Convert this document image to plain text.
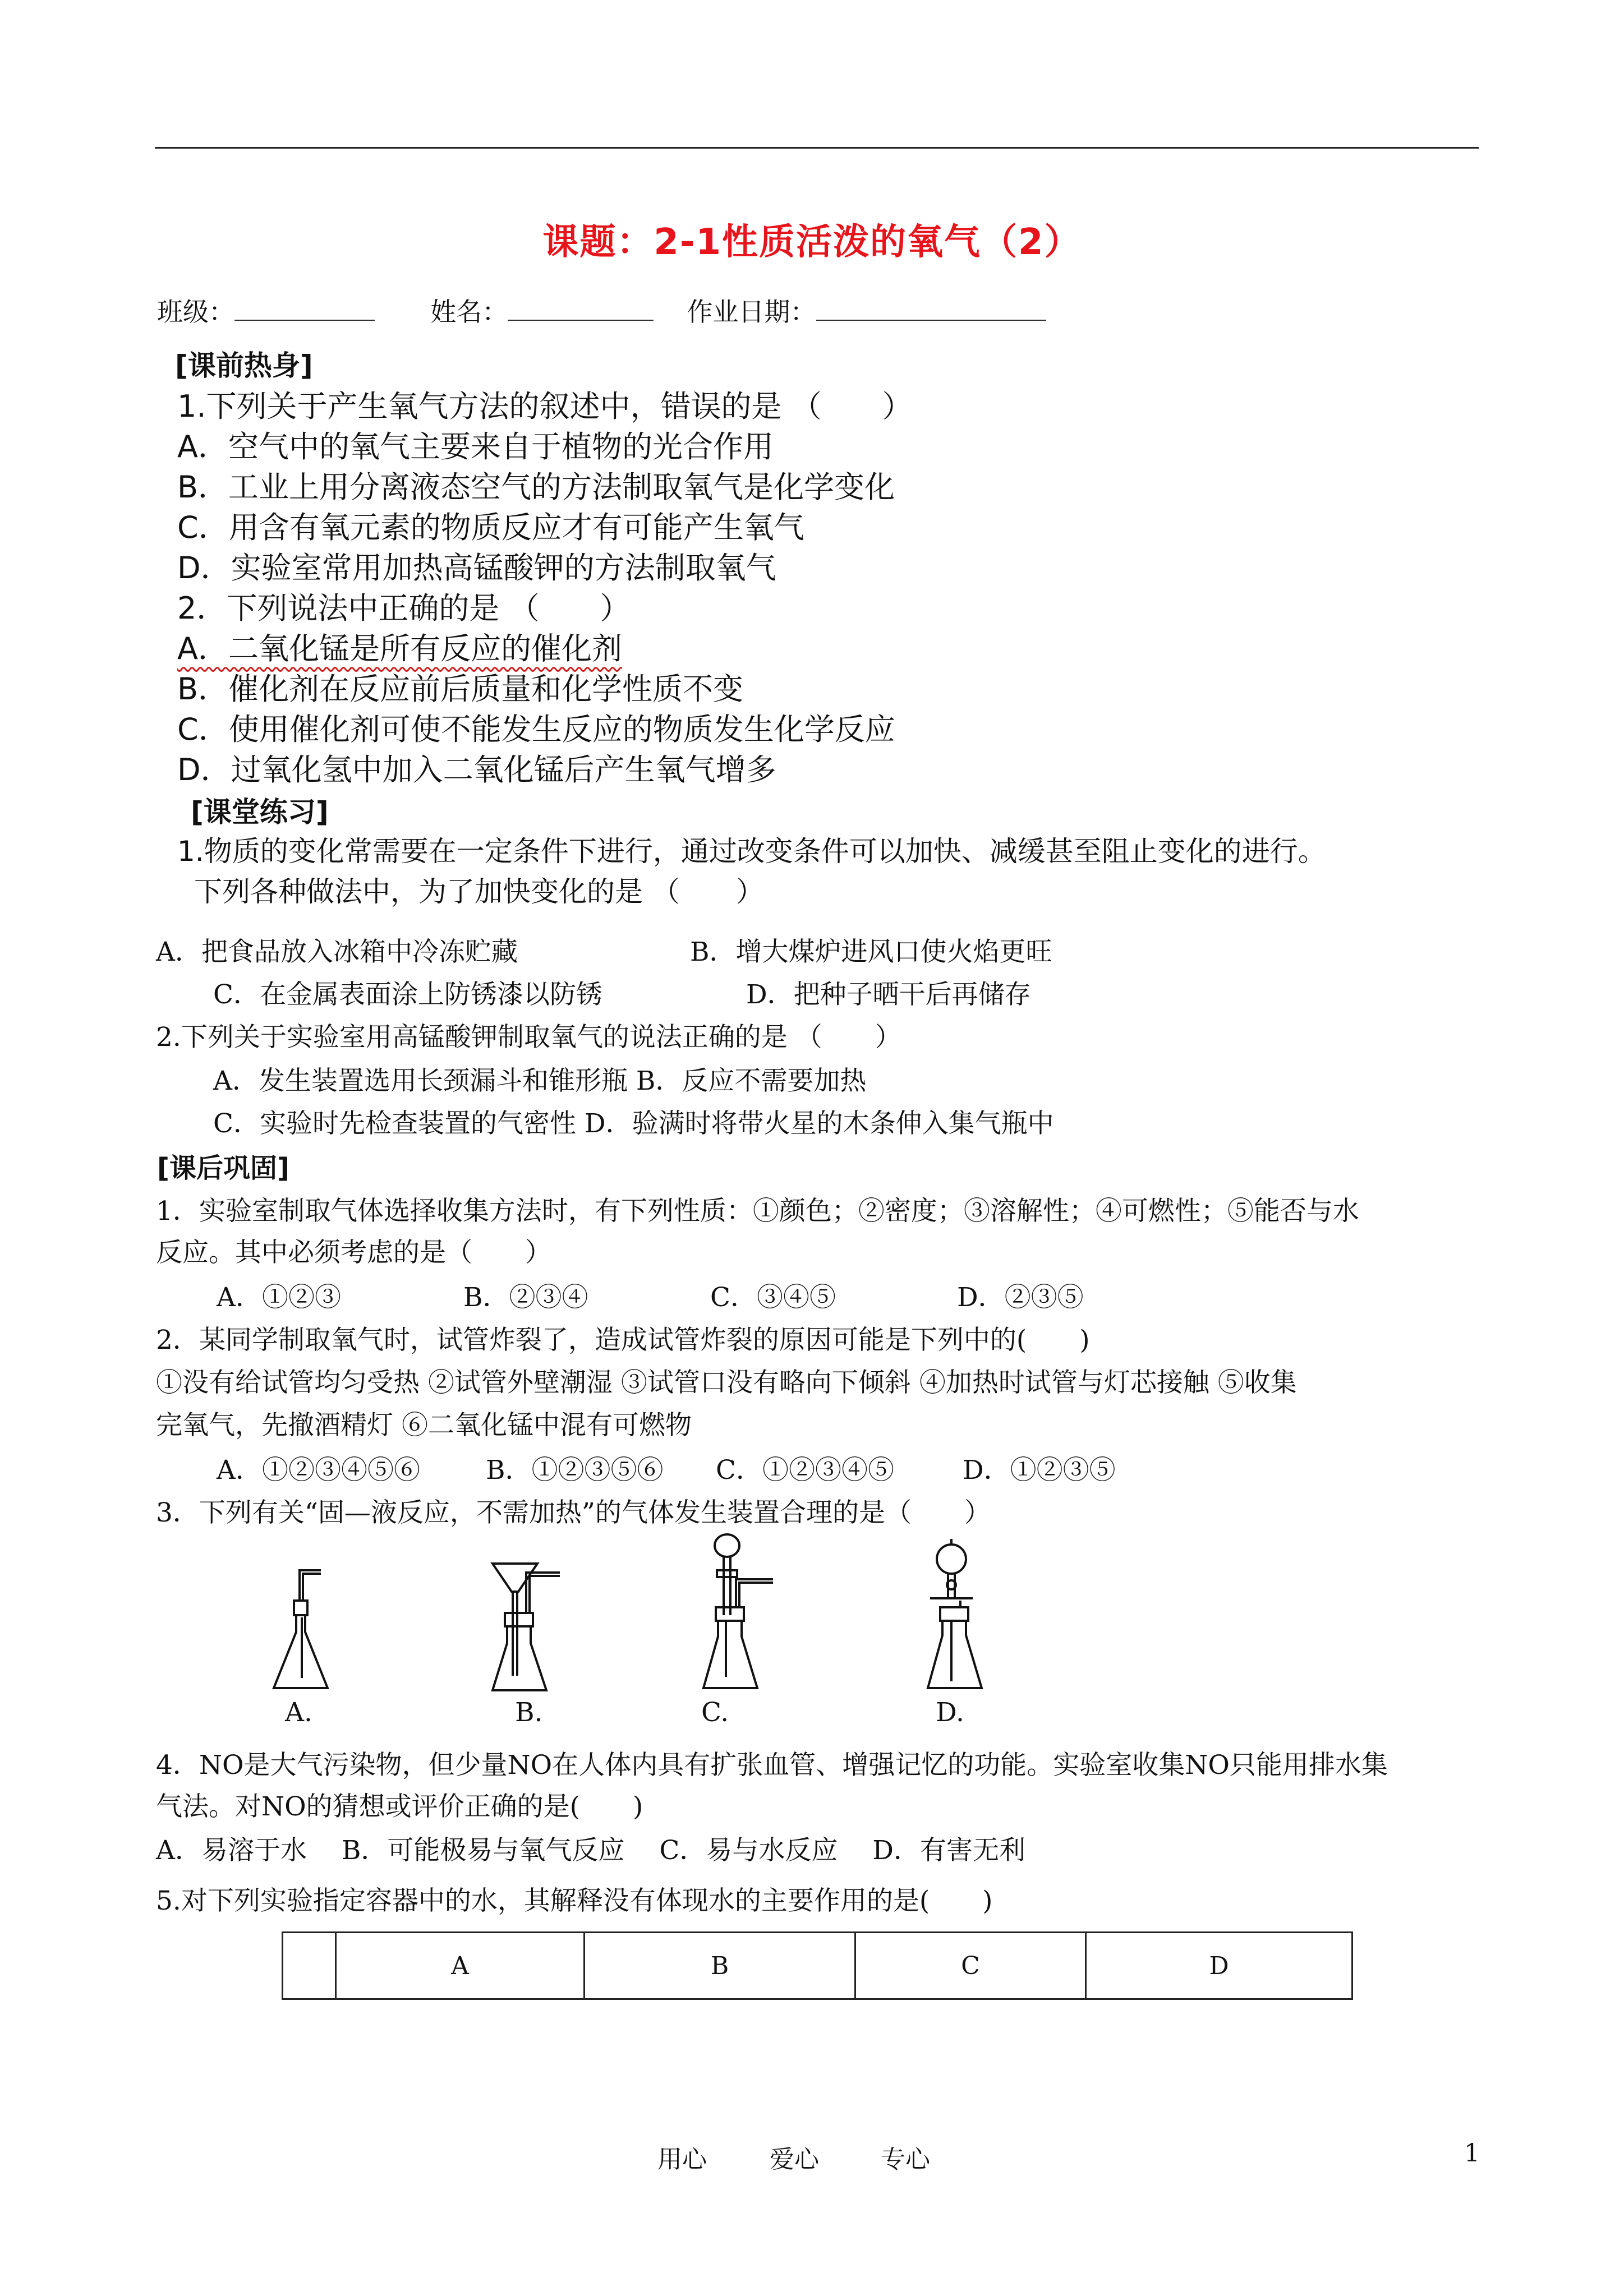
课题：2-1性质活泼的氧气（2）
班级：	姓名：	作业日期：
[课前热身]
1.下列关于产生氧气方法的叙述中，错误的是 （　　）
A．空气中的氧气主要来自于植物的光合作用
B．工业上用分离液态空气的方法制取氧气是化学变化
C．用含有氧元素的物质反应才有可能产生氧气
D．实验室常用加热高锰酸钾的方法制取氧气
2．下列说法中正确的是 （　　）
A．二氧化锰是所有反应的催化剂
B．催化剂在反应前后质量和化学性质不变
C．使用催化剂可使不能发生反应的物质发生化学反应
D．过氧化氢中加入二氧化锰后产生氧气增多
[课堂练习]
1.物质的变化常需要在一定条件下进行，通过改变条件可以加快、减缓甚至阻止变化的进行。
下列各种做法中，为了加快变化的是 （　　）
A．把食品放入冰箱中冷冻贮藏	B．增大煤炉进风口使火焰更旺
C．在金属表面涂上防锈漆以防锈	D．把种子晒干后再储存
2.下列关于实验室用高锰酸钾制取氧气的说法正确的是 （　　）
A．发生装置选用长颈漏斗和锥形瓶 B．反应不需要加热
C．实验时先检查装置的气密性 D．验满时将带火星的木条伸入集气瓶中
[课后巩固]
1．实验室制取气体选择收集方法时，有下列性质：①颜色；②密度；③溶解性；④可燃性；⑤能否与水
反应。其中必须考虑的是（　　）
A．①②③	B．②③④	C．③④⑤	D．②③⑤
2．某同学制取氧气时，试管炸裂了，造成试管炸裂的原因可能是下列中的(　　)
①没有给试管均匀受热 ②试管外壁潮湿 ③试管口没有略向下倾斜 ④加热时试管与灯芯接触 ⑤收集
完氧气，先撤酒精灯 ⑥二氧化锰中混有可燃物
A．①②③④⑤⑥ B．①②③⑤⑥ C．①②③④⑤	D．①②③⑤
3．下列有关“固—液反应，不需加热”的气体发生装置合理的是（　　）
A.	B.	C.	D.
4．NO是大气污染物，但少量NO在人体内具有扩张血管、增强记忆的功能。实验室收集NO只能用排水集
气法。对NO的猜想或评价正确的是(　　)
A．易溶于水　 B．可能极易与氧气反应　 C．易与水反应　 D．有害无利
5.对下列实验指定容器中的水，其解释没有体现水的主要作用的是(　　)
	A	B	C	D
用心	爱心	专心	1
